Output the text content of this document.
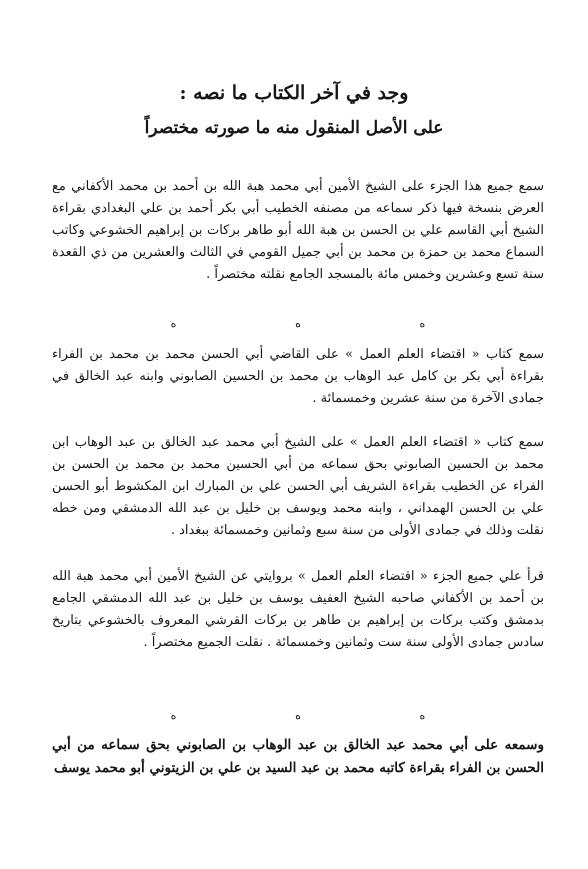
وجد في آخر الكتاب ما نصه :
على الأصل المنقول منه ما صورته مختصراً

سمع جميع هذا الجزء على الشيخ الأمين أبي محمد هبة الله بن أحمد بن محمد الأكفاني مع العرض بنسخة فيها ذكر سماعه من مصنفه الخطيب أبي بكر أحمد بن علي البغدادي بقراءة الشيخ أبي القاسم علي بن الحسن بن هبة الله أبو طاهر بركات بن إبراهيم الخشوعي وكاتب السماع محمد بن حمزة بن محمد بن أبي جميل القومي في الثالث والعشرين من ذي القعدة سنة تسع وعشرين وخمس مائة بالمسجد الجامع نقلته مختصراً .

ه	ه	ه

سمع كتاب « اقتضاء العلم العمل » على القاضي أبي الحسن محمد بن محمد بن الفراء بقراءة أبي بكر بن كامل عبد الوهاب بن محمد بن الحسين الصابوني وابنه عبد الخالق في جمادى الآخرة من سنة عشرين وخمسمائة .

سمع كتاب « اقتضاء العلم العمل » على الشيخ أبي محمد عبد الخالق بن عبد الوهاب ابن محمد بن الحسين الصابوني بحق سماعه من أبي الحسين محمد بن محمد بن الحسن بن الفراء عن الخطيب بقراءة الشريف أبي الحسن علي بن المبارك ابن المكشوط أبو الحسن علي بن الحسن الهمداني ، وابنه محمد ويوسف بن خليل بن عبد الله الدمشقي ومن خطه نقلت وذلك في جمادى الأولى من سنة سبع وثمانين وخمسمائة ببغداد .

قرأ علي جميع الجزء « اقتضاء العلم العمل » بروايتي عن الشيخ الأمين أبي محمد هبة الله بن أحمد بن الأكفاني صاحبه الشيخ العفيف يوسف بن خليل بن عبد الله الدمشقي الجامع بدمشق وكتب بركات بن إبراهيم بن طاهر بن بركات القرشي المعروف بالخشوعي بتاريخ سادس جمادى الأولى سنة ست وثمانين وخمسمائة . نقلت الجميع مختصراً .

ه	ه	ه

وسمعه على أبي محمد عبد الخالق بن عبد الوهاب بن الصابوني بحق سماعه من أبي الحسن بن الفراء بقراءة كاتبه محمد بن عبد السيد بن علي بن الزيتوني أبو محمد يوسف
